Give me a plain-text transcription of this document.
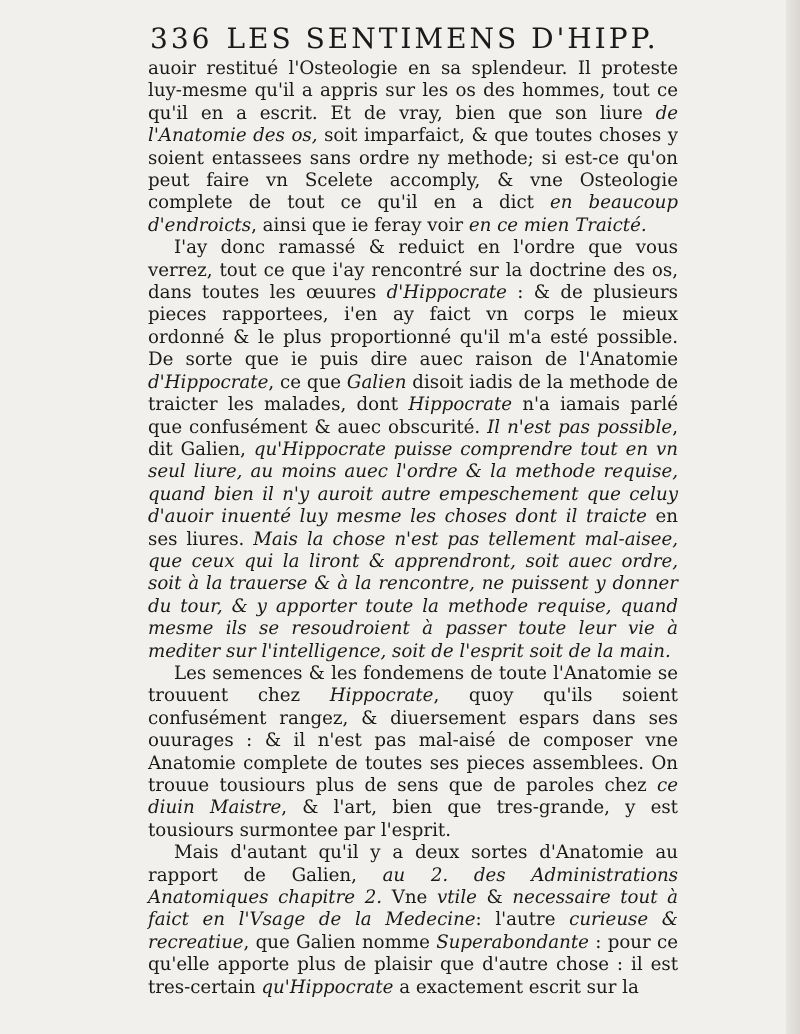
336 LES SENTIMENS D'HIPP.

auoir restitué l'Osteologie en sa splendeur. Il proteste luy-mesme qu'il a appris sur les os des hommes, tout ce qu'il en a escrit. Et de vray, bien que son liure de l'Anatomie des os, soit imparfaict, & que toutes choses y soient entassees sans ordre ny methode; si est-ce qu'on peut faire vn Scelete accomply, & vne Osteologie complete de tout ce qu'il en a dict en beaucoup d'endroicts, ainsi que ie feray voir en ce mien Traicté.

I'ay donc ramassé & reduict en l'ordre que vous verrez, tout ce que i'ay rencontré sur la doctrine des os, dans toutes les œuures d'Hippocrate : & de plusieurs pieces rapportees, i'en ay faict vn corps le mieux ordonné & le plus proportionné qu'il m'a esté possible. De sorte que ie puis dire auec raison de l'Anatomie d'Hippocrate, ce que Galien disoit iadis de la methode de traicter les malades, dont Hippocrate n'a iamais parlé que confusément & auec obscurité. Il n'est pas possible, dit Galien, qu'Hippocrate puisse comprendre tout en vn seul liure, au moins auec l'ordre & la methode requise, quand bien il n'y auroit autre empeschement que celuy d'auoir inuenté luy mesme les choses dont il traicte en ses liures. Mais la chose n'est pas tellement mal-aisee, que ceux qui la liront & apprendront, soit auec ordre, soit à la trauerse & à la rencontre, ne puissent y donner du tour, & y apporter toute la methode requise, quand mesme ils se resoudroient à passer toute leur vie à mediter sur l'intelligence, soit de l'esprit soit de la main.

Les semences & les fondemens de toute l'Anatomie se trouuent chez Hippocrate, quoy qu'ils soient confusément rangez, & diuersement espars dans ses ouurages : & il n'est pas mal-aisé de composer vne Anatomie complete de toutes ses pieces assemblees. On trouue tousiours plus de sens que de paroles chez ce diuin Maistre, & l'art, bien que tres-grande, y est tousiours surmontee par l'esprit.

Mais d'autant qu'il y a deux sortes d'Anatomie au rapport de Galien, au 2. des Administrations Anatomiques chapitre 2. Vne vtile & necessaire tout à faict en l'Vsage de la Medecine: l'autre curieuse & recreatiue, que Galien nomme Superabondante : pour ce qu'elle apporte plus de plaisir que d'autre chose : il est tres-certain qu'Hippocrate a exactement escrit sur la
